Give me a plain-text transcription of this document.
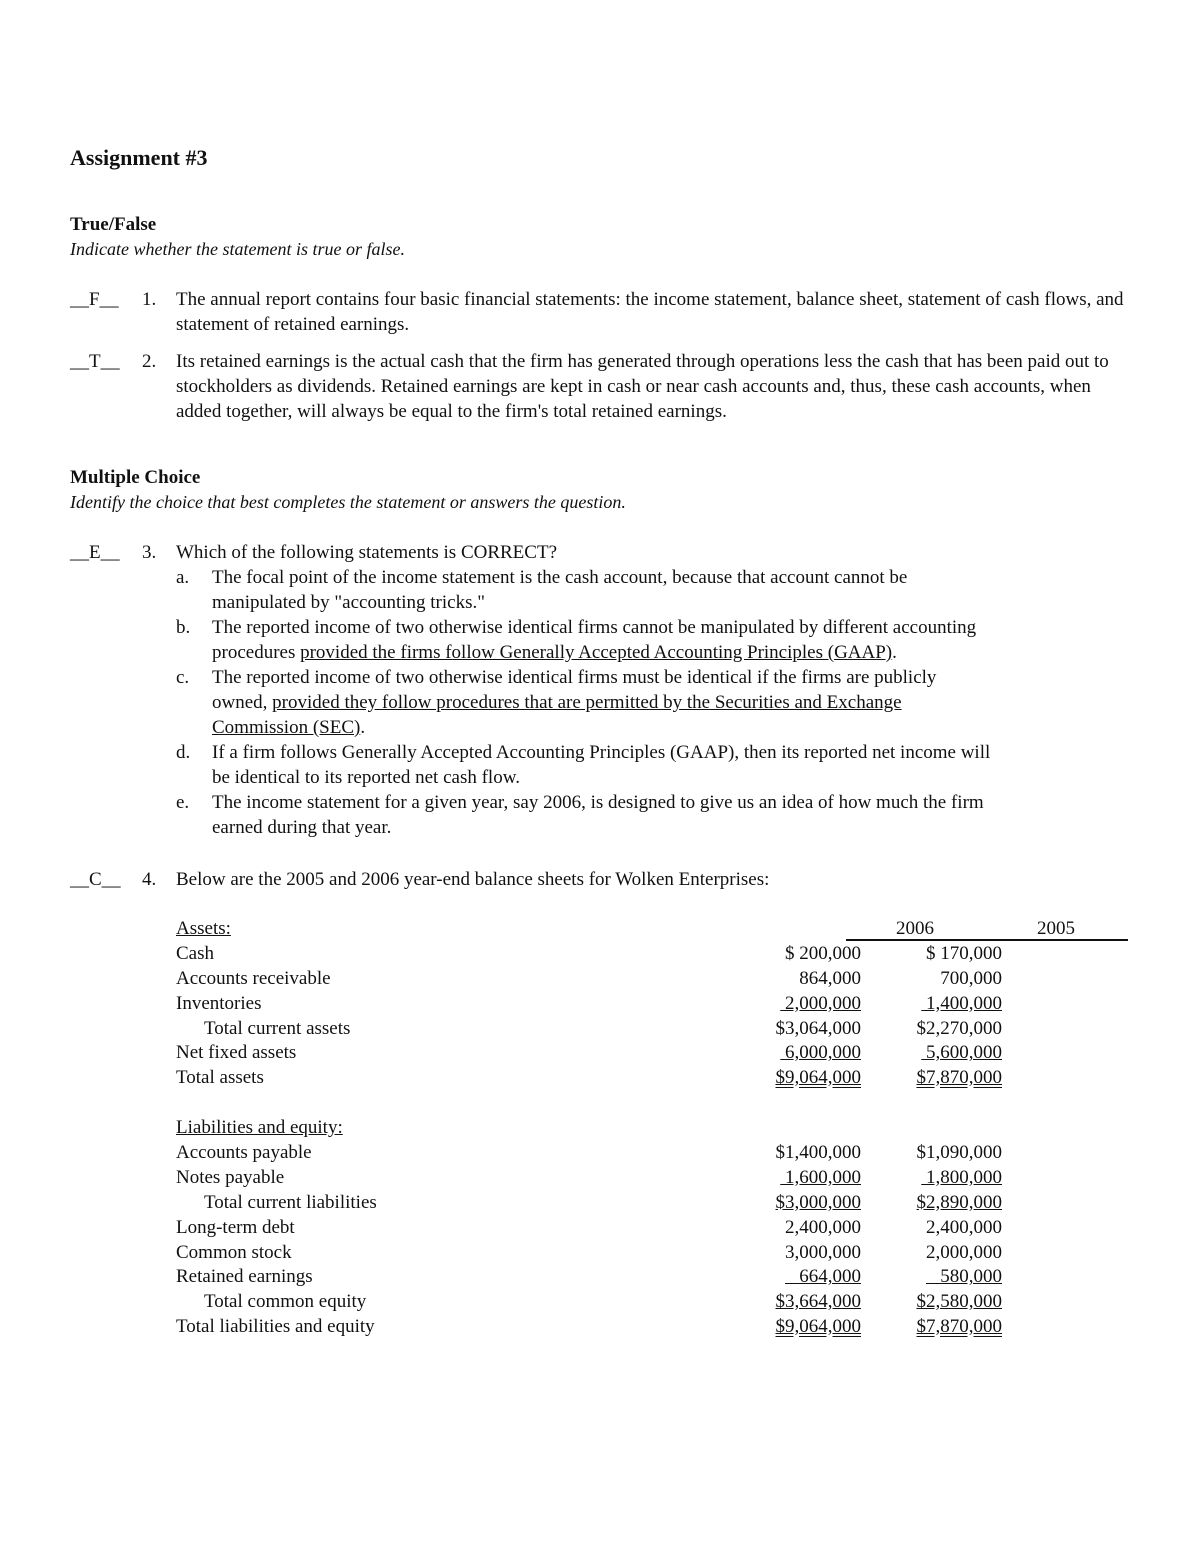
Assignment #3
True/False
Indicate whether the statement is true or false.
__F__	1.	The annual report contains four basic financial statements: the income statement, balance sheet, statement of cash flows, and statement of retained earnings.
__T__	2.	Its retained earnings is the actual cash that the firm has generated through operations less the cash that has been paid out to stockholders as dividends. Retained earnings are kept in cash or near cash accounts and, thus, these cash accounts, when added together, will always be equal to the firm's total retained earnings.
Multiple Choice
Identify the choice that best completes the statement or answers the question.
__E__	3.	Which of the following statements is CORRECT?
a. The focal point of the income statement is the cash account, because that account cannot be manipulated by "accounting tricks."
b. The reported income of two otherwise identical firms cannot be manipulated by different accounting procedures provided the firms follow Generally Accepted Accounting Principles (GAAP).
c. The reported income of two otherwise identical firms must be identical if the firms are publicly owned, provided they follow procedures that are permitted by the Securities and Exchange Commission (SEC).
d. If a firm follows Generally Accepted Accounting Principles (GAAP), then its reported net income will be identical to its reported net cash flow.
e. The income statement for a given year, say 2006, is designed to give us an idea of how much the firm earned during that year.
__C__	4.	Below are the 2005 and 2006 year-end balance sheets for Wolken Enterprises:
Assets:	2006	2005
Cash	$ 200,000	$ 170,000
Accounts receivable	864,000	700,000
Inventories	2,000,000	1,400,000
Total current assets	$3,064,000	$2,270,000
Net fixed assets	6,000,000	5,600,000
Total assets	$9,064,000	$7,870,000
Liabilities and equity:
Accounts payable	$1,400,000	$1,090,000
Notes payable	1,600,000	1,800,000
Total current liabilities	$3,000,000	$2,890,000
Long-term debt	2,400,000	2,400,000
Common stock	3,000,000	2,000,000
Retained earnings	664,000	580,000
Total common equity	$3,664,000	$2,580,000
Total liabilities and equity	$9,064,000	$7,870,000
